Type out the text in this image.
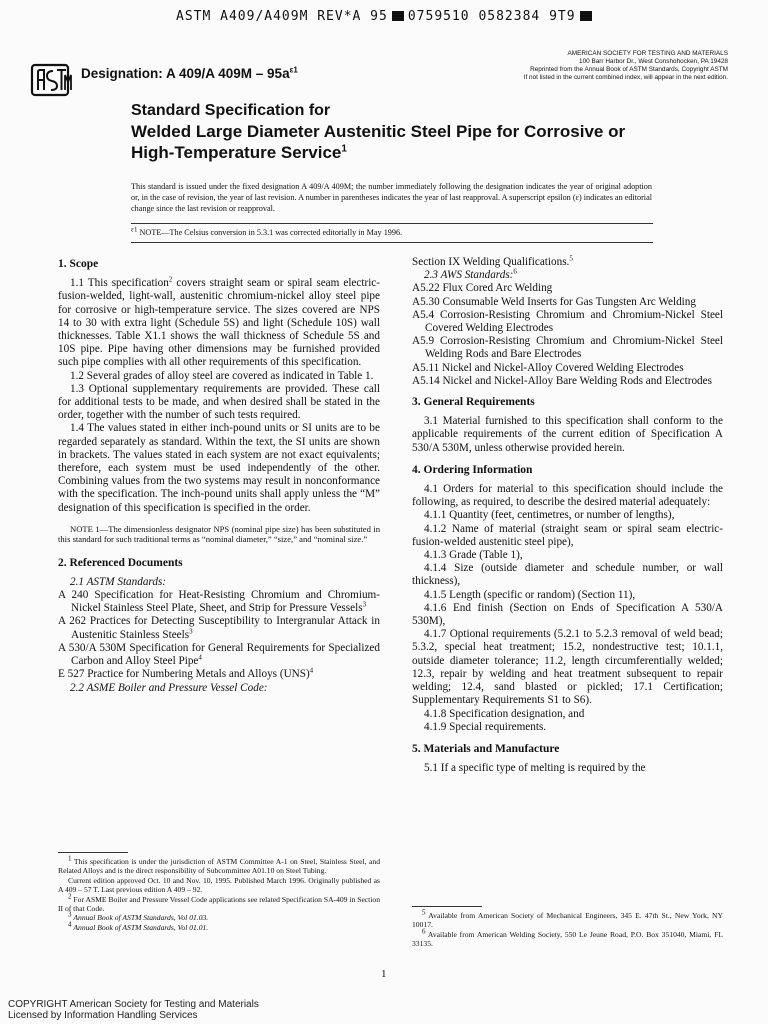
ASTM A409/A409M REV*A 95 0759510 0582384 9T9
AMERICAN SOCIETY FOR TESTING AND MATERIALS
100 Barr Harbor Dr., West Conshohocken, PA 19428
Reprinted from the Annual Book of ASTM Standards, Copyright ASTM
If not listed in the current combined index, will appear in the next edition.
Designation: A 409/A $409M - 95a^{\varepsilon 1}$
Standard Specification for
Welded Large Diameter Austenitic Steel Pipe for Corrosive or
High-Temperature Service$^1$
This standard is issued under the fixed designation A 409/A 409M; the number immediately following the designation indicates the year of original adoption or, in the case of revision, the year of last revision. A number in parentheses indicates the year of last reapproval. A superscript epsilon (ε) indicates an editorial change since the last revision or reapproval.
$^{\varepsilon 1}$ NOTE—The Celsius conversion in 5.3.1 was corrected editorially in May 1996.
1. Scope

1.1 This specification$^2$ covers straight seam or spiral seam electric-fusion-welded, light-wall, austenitic chromium-nickel alloy steel pipe for corrosive or high-temperature service. The sizes covered are NPS 14 to 30 with extra light (Schedule 5S) and light (Schedule 10S) wall thicknesses. Table X1.1 shows the wall thickness of Schedule 5S and 10S pipe. Pipe having other dimensions may be furnished provided such pipe complies with all other requirements of this specification.

1.2 Several grades of alloy steel are covered as indicated in Table 1.

1.3 Optional supplementary requirements are provided. These call for additional tests to be made, and when desired shall be stated in the order, together with the number of such tests required.

1.4 The values stated in either inch-pound units or SI units are to be regarded separately as standard. Within the text, the SI units are shown in brackets. The values stated in each system are not exact equivalents; therefore, each system must be used independently of the other. Combining values from the two systems may result in nonconformance with the specification. The inch-pound units shall apply unless the “M” designation of this specification is specified in the order.

NOTE 1—The dimensionless designator NPS (nominal pipe size) has been substituted in this standard for such traditional terms as “nominal diameter,” “size,” and “nominal size.”

2. Referenced Documents

2.1 ASTM Standards:

A 240 Specification for Heat-Resisting Chromium and Chromium-Nickel Stainless Steel Plate, Sheet, and Strip for Pressure Vessels$^3$

A 262 Practices for Detecting Susceptibility to Intergranular Attack in Austenitic Stainless Steels$^3$

A 530/A 530M Specification for General Requirements for Specialized Carbon and Alloy Steel Pipe$^4$

E 527 Practice for Numbering Metals and Alloys (UNS)$^4$

2.2 ASME Boiler and Pressure Vessel Code:

$^1$ This specification is under the jurisdiction of ASTM Committee A-1 on Steel, Stainless Steel, and Related Alloys and is the direct responsibility of Subcommittee A01.10 on Steel Tubing.

Current edition approved Oct. 10 and Nov. 10, 1995. Published March 1996. Originally published as A 409 – 57 T. Last previous edition A 409 – 92.

$^2$ For ASME Boiler and Pressure Vessel Code applications see related Specification SA-409 in Section II of that Code.

$^3$ Annual Book of ASTM Standards, Vol 01.03.

$^4$ Annual Book of ASTM Standards, Vol 01.01.

Section IX Welding Qualifications.$^5$

2.3 AWS Standards:$^6$

A5.22 Flux Cored Arc Welding

A5.30 Consumable Weld Inserts for Gas Tungsten Arc Welding

A5.4 Corrosion-Resisting Chromium and Chromium-Nickel Steel Covered Welding Electrodes

A5.9 Corrosion-Resisting Chromium and Chromium-Nickel Steel Welding Rods and Bare Electrodes

A5.11 Nickel and Nickel-Alloy Covered Welding Electrodes

A5.14 Nickel and Nickel-Alloy Bare Welding Rods and Electrodes

3. General Requirements

3.1 Material furnished to this specification shall conform to the applicable requirements of the current edition of Specification A 530/A 530M, unless otherwise provided herein.

4. Ordering Information

4.1 Orders for material to this specification should include the following, as required, to describe the desired material adequately:

4.1.1 Quantity (feet, centimetres, or number of lengths),

4.1.2 Name of material (straight seam or spiral seam electric-fusion-welded austenitic steel pipe),

4.1.3 Grade (Table 1),

4.1.4 Size (outside diameter and schedule number, or wall thickness),

4.1.5 Length (specific or random) (Section 11),

4.1.6 End finish (Section on Ends of Specification A 530/A 530M),

4.1.7 Optional requirements (5.2.1 to 5.2.3 removal of weld bead; 5.3.2, special heat treatment; 15.2, nondestructive test; 10.1.1, outside diameter tolerance; 11.2, length circumferentially welded; 12.3, repair by welding and heat treatment subsequent to repair welding; 12.4, sand blasted or pickled; 17.1 Certification; Supplementary Requirements S1 to S6).

4.1.8 Specification designation, and

4.1.9 Special requirements.

5. Materials and Manufacture

5.1 If a specific type of melting is required by the

$^5$ Available from American Society of Mechanical Engineers, 345 E. 47th St., New York, NY 10017.

$^6$ Available from American Welding Society, 550 Le Jeune Road, P.O. Box 351040, Miami, FL 33135.

1
COPYRIGHT American Society for Testing and Materials
Licensed by Information Handling Services
